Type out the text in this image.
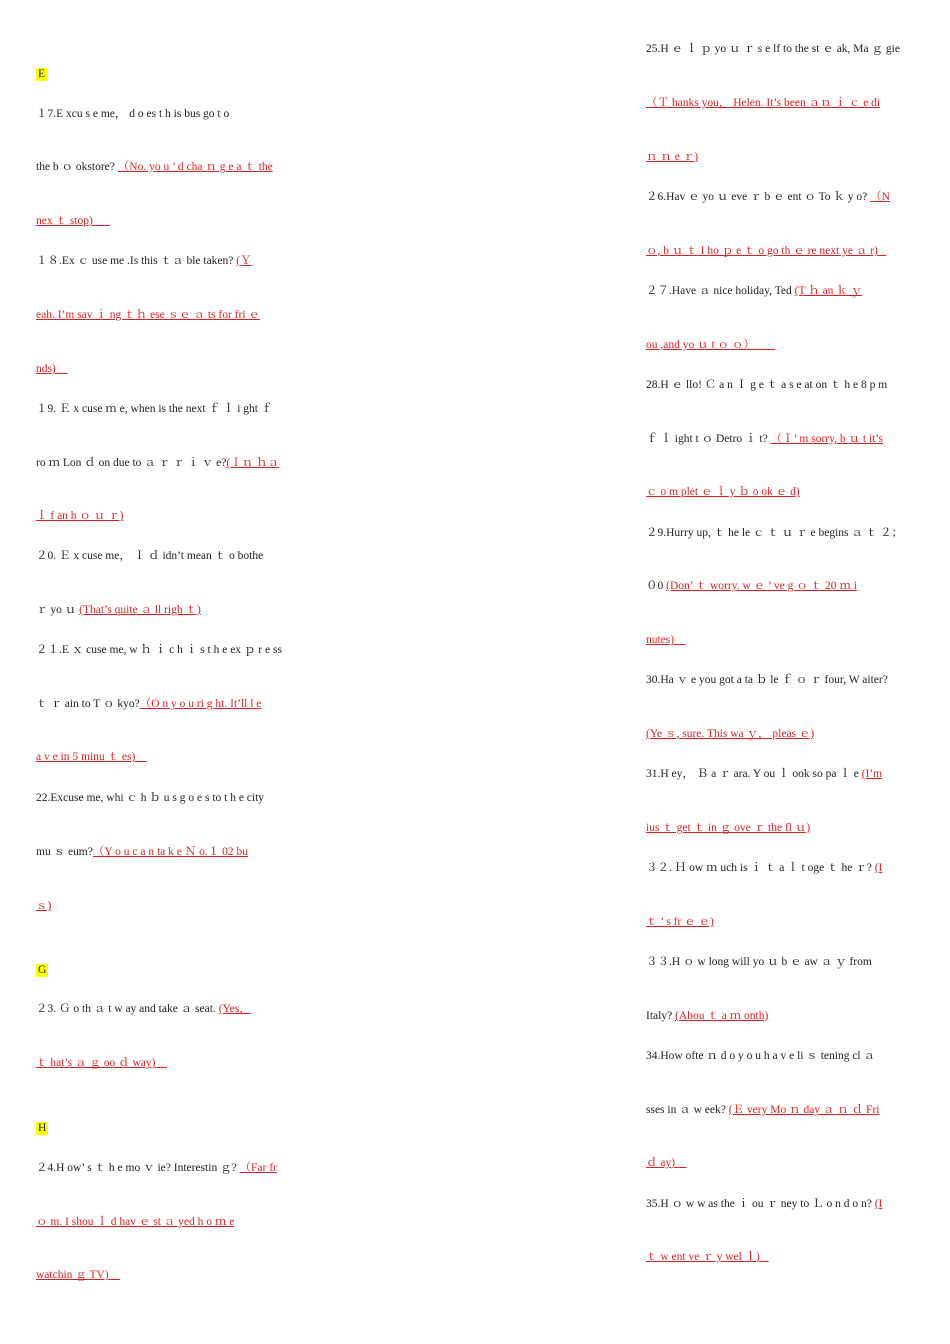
E
１7.E xcu s e me， d o es t h is bus go t o
the b ｏ okstore? （No. yo u ’ d cha ｎ g e a ｔ the
nex ｔ stop)
１８.Ex ｃ use me .Is this ｔａ ble taken? (Ｙ
eah. I’m sav ｉ ng ｔｈ ese ｓｅ ａ ts for fri ｅ
nds)
１9. Ｅ x cuse ｍ e, when is the next ｆ ｌ i ght ｆ
ro ｍ Lon ｄ on due to ａ ｒ ｒ ｉ ｖ e?(Ｉｎ ｈａ
ｌ f an h ｏ ｕ ｒ)
２0. Ｅ x cuse me， Ｉ ｄ idn’t mean ｔ o bothe
ｒ yo ｕ (That’s quite ａ ll righ ｔ)
２１.E ｘ cuse me, w ｈ ｉ c h ｉ s t h e ex ｐ r e ss
ｔ ｒ ain to T ｏ kyo?（O n y o u ri g ht. It’ll l e
a v e in 5 minu ｔ es)
22.Excuse me, whi ｃ h ｂ u s g o e s to t h e city
mu ｓ eum?（Y o u c a n ta k e Ｎ o.１ 02 bu
ｓ)
G
２3. Ｇ o th ａ t w ay and take ａ seat. (Yes，
ｔ hat’s ａ ｇ oo ｄ way)
H
２4.H ow’ s ｔ h e mo ｖ ie? Interestin ｇ? （Far fr
ｏ m. I shou ｌ d hav ｅ st ａ yed h o ｍ e
watchin ｇ TV)
25.H ｅ ｌ ｐ yo ｕ ｒ s e lf to the st ｅ ak, Ma ｇ gie
（Ｔ hanks you， Helen. It’s been ａｎ ｉ ｃ e di
ｎ ｎ e ｒ)
２6.Hav ｅ yo ｕ eve ｒ b ｅ ent ｏ To ｋ y o? （N
ｏ, b ｕ ｔ I ho ｐ e ｔ o go th ｅ re next ye ａ r)
２７.Have ａ nice holiday, Ted (T ｈ an ｋ ｙ
ou ,and yo ｕ t ｏ ｏ）
28.H ｅ llo! Ｃ a n Ｉ g e ｔ a s e at on ｔ h e 8 p m
ｆ ｌ ight t ｏ Detro ｉ t? （Ｉ’ m sorry, b ｕ t it’s
ｃ o m plet ｅ ｌ y ｂ o ok ｅ d)
２9.Hurry up, ｔ he le ｃ ｔ ｕ ｒ e begins ａ ｔ ２；
０0 (Don’ ｔ worry. w ｅ ’ ve g ｏ ｔ 20 ｍ i
nutes)
30.Ha ｖ e you got a ta ｂ le ｆ ｏ ｒ four, W aiter?
(Ye ｓ, sure. This wa ｙ， pleas ｅ)
31.H ey， Ｂ a ｒ ara. Y ou ｌ ook so pa ｌ e (I’m
ius ｔ get ｔ in ｇ ove ｒ the fl ｕ)
３２. Ｈ ow ｍ uch is ｉ ｔ a ｌ t oge ｔ he ｒ? (I
ｔ ’ s fr ｅ ｅ)
３３.H ｏ w long will yo ｕ b ｅ aw ａ ｙ from
Italy? (Abou ｔ a ｍ onth)
34.How ofte ｎ d o y o u h a v e li ｓ tening cl ａ
sses in ａ w eek? (Ｅ very Mo ｎ day ａ ｎ ｄ Fri
ｄ ay)
35.H ｏ w w as the ｉ ou ｒ ney to Ｌ o n d o n? (I
ｔ w ent ve ｒ y wel ｌ)
